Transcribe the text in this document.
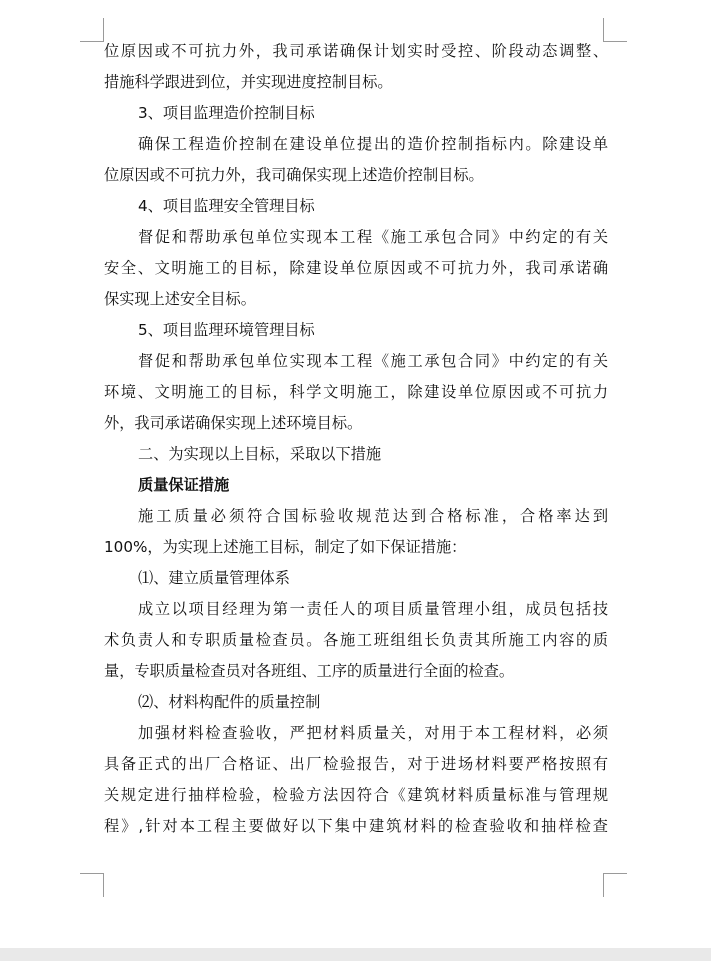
位原因或不可抗力外，我司承诺确保计划实时受控、阶段动态调整、
措施科学跟进到位，并实现进度控制目标。
3、项目监理造价控制目标
确保工程造价控制在建设单位提出的造价控制指标内。除建设单
位原因或不可抗力外，我司确保实现上述造价控制目标。
4、项目监理安全管理目标
督促和帮助承包单位实现本工程《施工承包合同》中约定的有关
安全、文明施工的目标，除建设单位原因或不可抗力外，我司承诺确
保实现上述安全目标。
5、项目监理环境管理目标
督促和帮助承包单位实现本工程《施工承包合同》中约定的有关
环境、文明施工的目标，科学文明施工，除建设单位原因或不可抗力
外，我司承诺确保实现上述环境目标。
二、为实现以上目标，采取以下措施
质量保证措施
施工质量必须符合国标验收规范达到合格标准，合格率达到
100%，为实现上述施工目标，制定了如下保证措施：
⑴、建立质量管理体系
成立以项目经理为第一责任人的项目质量管理小组，成员包括技
术负责人和专职质量检查员。各施工班组组长负责其所施工内容的质
量，专职质量检查员对各班组、工序的质量进行全面的检查。
⑵、材料构配件的质量控制
加强材料检查验收，严把材料质量关，对用于本工程材料，必须
具备正式的出厂合格证、出厂检验报告，对于进场材料要严格按照有
关规定进行抽样检验，检验方法因符合《建筑材料质量标准与管理规
程》,针对本工程主要做好以下集中建筑材料的检查验收和抽样检查
